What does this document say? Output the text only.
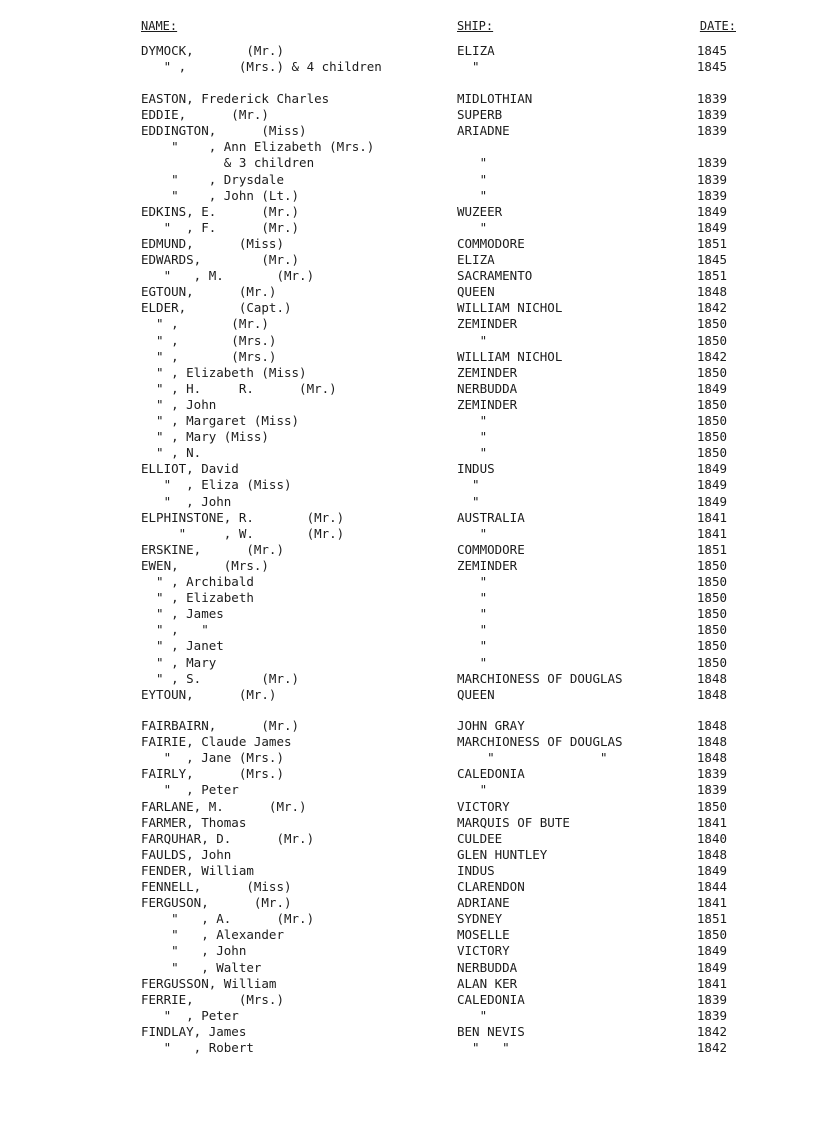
NAME:	SHIP:	DATE:
DYMOCK,       (Mr.)	ELIZA	1845
" ,       (Mrs.) & 4 children	"	1845
EASTON, Frederick Charles	MIDLOTHIAN	1839
EDDIE,      (Mr.)	SUPERB	1839
EDDINGTON,      (Miss)	ARIADNE	1839
"    , Ann Elizabeth (Mrs.)
& 3 children	"	1839
"    , Drysdale	"	1839
"    , John (Lt.)	"	1839
EDKINS, E.      (Mr.)	WUZEER	1849
"  , F.      (Mr.)	"	1849
EDMUND,      (Miss)	COMMODORE	1851
EDWARDS,        (Mr.)	ELIZA	1845
"   , M.       (Mr.)	SACRAMENTO	1851
EGTOUN,      (Mr.)	QUEEN	1848
ELDER,       (Capt.)	WILLIAM NICHOL	1842
" ,       (Mr.)	ZEMINDER	1850
" ,       (Mrs.)	"	1850
" ,       (Mrs.)	WILLIAM NICHOL	1842
" , Elizabeth (Miss)	ZEMINDER	1850
" , H.     R.      (Mr.)	NERBUDDA	1849
" , John	ZEMINDER	1850
" , Margaret (Miss)	"	1850
" , Mary (Miss)	"	1850
" , N.	"	1850
ELLIOT, David	INDUS	1849
"  , Eliza (Miss)	"	1849
"  , John	"	1849
ELPHINSTONE, R.       (Mr.)	AUSTRALIA	1841
"     , W.       (Mr.)	"	1841
ERSKINE,      (Mr.)	COMMODORE	1851
EWEN,      (Mrs.)	ZEMINDER	1850
" , Archibald	"	1850
" , Elizabeth	"	1850
" , James	"	1850
" ,   "	"	1850
" , Janet	"	1850
" , Mary	"	1850
" , S.        (Mr.)	MARCHIONESS OF DOUGLAS	1848
EYTOUN,      (Mr.)	QUEEN	1848
FAIRBAIRN,      (Mr.)	JOHN GRAY	1848
FAIRIE, Claude James	MARCHIONESS OF DOUGLAS	1848
"  , Jane (Mrs.)	"              "	1848
FAIRLY,      (Mrs.)	CALEDONIA	1839
"  , Peter	"	1839
FARLANE, M.      (Mr.)	VICTORY	1850
FARMER, Thomas	MARQUIS OF BUTE	1841
FARQUHAR, D.      (Mr.)	CULDEE	1840
FAULDS, John	GLEN HUNTLEY	1848
FENDER, William	INDUS	1849
FENNELL,      (Miss)	CLARENDON	1844
FERGUSON,      (Mr.)	ADRIANE	1841
"   , A.      (Mr.)	SYDNEY	1851
"   , Alexander	MOSELLE	1850
"   , John	VICTORY	1849
"   , Walter	NERBUDDA	1849
FERGUSSON, William	ALAN KER	1841
FERRIE,      (Mrs.)	CALEDONIA	1839
"  , Peter	"	1839
FINDLAY, James	BEN NEVIS	1842
"   , Robert	"   "	1842
